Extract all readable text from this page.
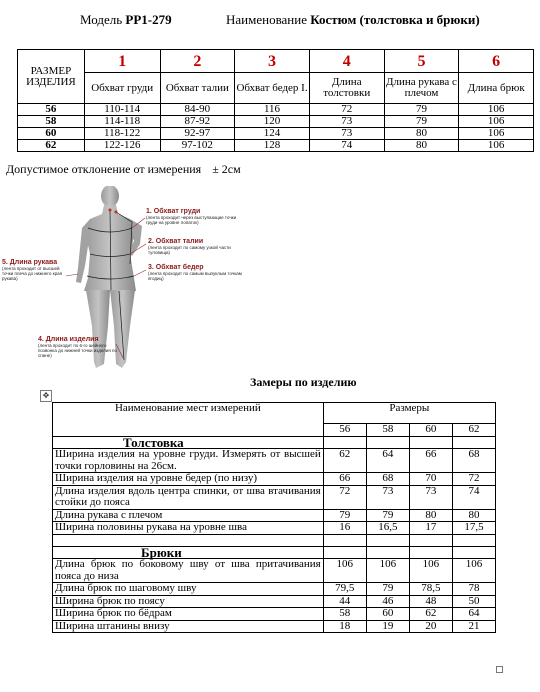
Модель РР1-279	Наименование Костюм (толстовка и брюки)
РАЗМЕР ИЗДЕЛИЯ	1	2	3	4	5	6
	Обхват груди	Обхват талии	Обхват бедер I.	Длина толстовки	Длина рукава с плечом	Длина брюк
56	110-114	84-90	116	72	79	106
58	114-118	87-92	120	73	79	106
60	118-122	92-97	124	73	80	106
62	122-126	97-102	128	74	80	106
Допустимое отклонение от измерения ± 2см
1. Обхват груди
(лента проходит через выступающие точки груди на уровне лопаток)
2. Обхват талии
(лента проходит по самому узкой части туловища)
3. Обхват бедер
(лента проходит по самым выпуклым точкам ягодиц)
5. Длина рукава
(лента проходит от высшей точки плеча до нижнего края рукава)
4. Длина изделия
(лента проходит по 6-го шейного позвонка до нижней точки изделия по спине)
Замеры по изделию
✥
Наименование мест измерений	Размеры			
	56	58	60	62
Толстовка				
Ширина изделия на уровне груди. Измерять от высшей точки горловины на 26см.	62	64	66	68
Ширина изделия на уровне бедер (по низу)	66	68	70	72
Длина изделия вдоль центра спинки, от шва втачивания стойки до пояса	72	73	73	74
Длина рукава с плечом	79	79	80	80
Ширина половины рукава на уровне шва	16	16,5	17	17,5

Брюки				
Длина брюк по боковому шву от шва притачивания пояса до низа	106	106	106	106
Длина брюк по шаговому шву	79,5	79	78,5	78
Ширина брюк по поясу	44	46	48	50
Ширина брюк по бёдрам	58	60	62	64
Ширина штанины внизу	18	19	20	21
